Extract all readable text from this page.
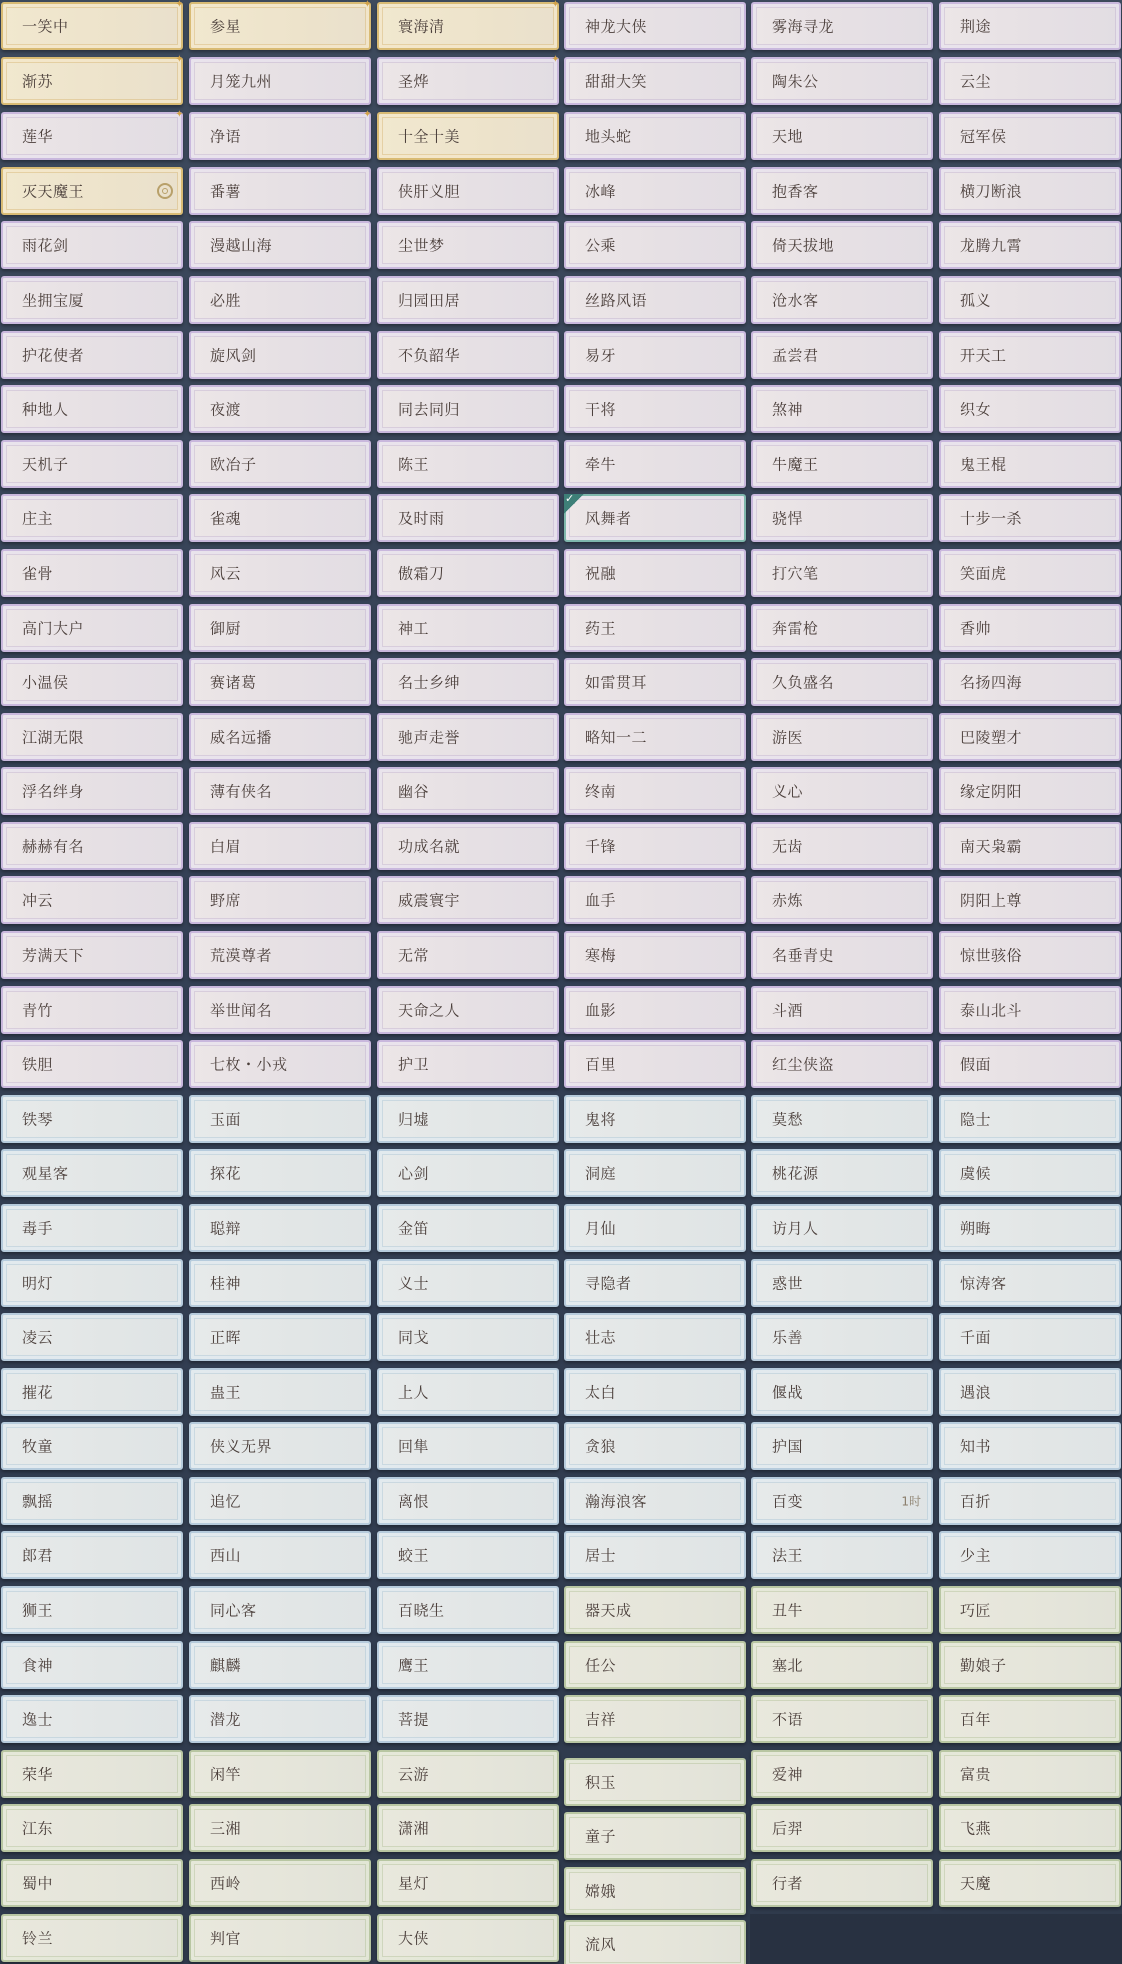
一笑中
✦
渐苏
✦
莲华
✦
灭天魔王
雨花剑
坐拥宝厦
护花使者
种地人
天机子
庄主
雀骨
高门大户
小温侯
江湖无限
浮名绊身
赫赫有名
冲云
芳满天下
青竹
铁胆
铁琴
观星客
毒手
明灯
凌云
摧花
牧童
飘摇
郎君
狮王
食神
逸士
荣华
江东
蜀中
铃兰
参星
✦
月笼九州
净语
✦
番薯
漫越山海
必胜
旋风剑
夜渡
欧冶子
雀魂
风云
御厨
赛诸葛
威名远播
薄有侠名
白眉
野席
荒漠尊者
举世闻名
七枚・小戎
玉面
探花
聪辩
桂神
正晖
蛊王
侠义无界
追忆
西山
同心客
麒麟
潜龙
闲竿
三湘
西岭
判官
寰海清
✦
圣烨
✦
十全十美
侠肝义胆
尘世梦
归园田居
不负韶华
同去同归
陈王
及时雨
傲霜刀
神工
名士乡绅
驰声走誉
幽谷
功成名就
威震寰宇
无常
天命之人
护卫
归墟
心剑
金笛
义士
同戈
上人
回隼
离恨
蛟王
百晓生
鹰王
菩提
云游
潇湘
星灯
大侠
神龙大侠
甜甜大笑
地头蛇
冰峰
公乘
丝路风语
易牙
干将
牵牛
风舞者
✓
祝融
药王
如雷贯耳
略知一二
终南
千锋
血手
寒梅
血影
百里
鬼将
洞庭
月仙
寻隐者
壮志
太白
贪狼
瀚海浪客
居士
器天成
任公
吉祥
积玉
童子
嫦娥
流风
雾海寻龙
陶朱公
天地
抱香客
倚天拔地
沧水客
孟尝君
煞神
牛魔王
骁悍
打穴笔
奔雷枪
久负盛名
游医
义心
无齿
赤炼
名垂青史
斗酒
红尘侠盗
莫愁
桃花源
访月人
惑世
乐善
偃战
护国
百变	1时
法王
丑牛
塞北
不语
爱神
后羿
行者
荆途
云尘
冠军侯
横刀断浪
龙腾九霄
孤义
开天工
织女
鬼王棍
十步一杀
笑面虎
香帅
名扬四海
巴陵塑才
缘定阴阳
南天枭霸
阴阳上尊
惊世骇俗
泰山北斗
假面
隐士
虞候
朔晦
惊涛客
千面
遇浪
知书
百折
少主
巧匠
勤娘子
百年
富贵
飞燕
天魔
